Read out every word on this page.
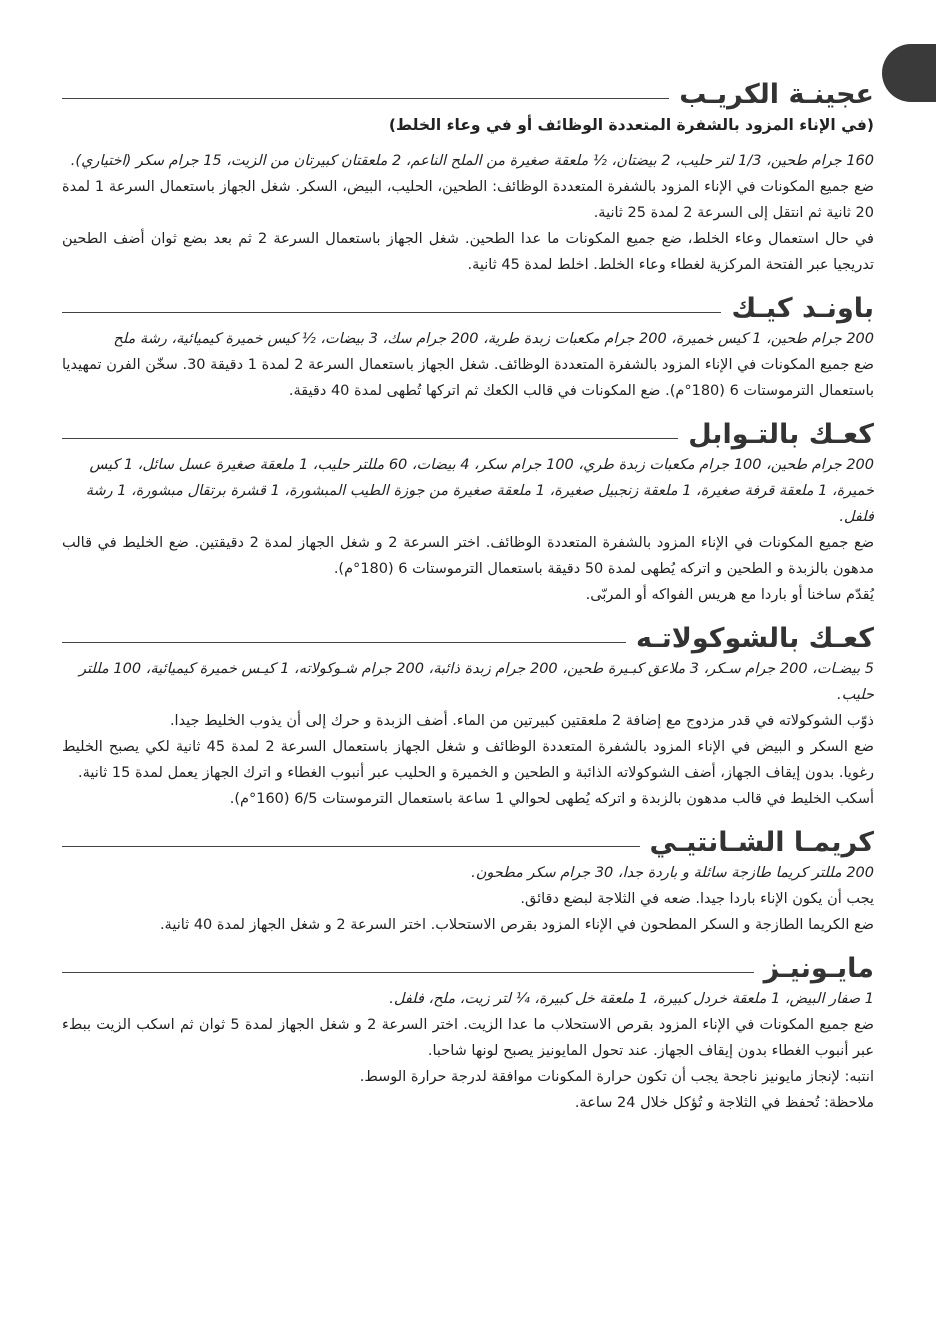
عجينـة الكريـب
(في الإناء المزود بالشفرة المتعددة الوظائف أو في وعاء الخلط)
160 جرام طحين، 1/3 لتر حليب، 2 بيضتان، ½ ملعقة صغيرة من الملح الناعم، 2 ملعقتان كبيرتان من الزيت، 15 جرام سكر (اختياري).
ضع جميع المكونات في الإناء المزود بالشفرة المتعددة الوظائف: الطحين، الحليب، البيض، السكر. شغل الجهاز باستعمال السرعة 1 لمدة 20 ثانية ثم انتقل إلى السرعة 2 لمدة 25 ثانية.
في حال استعمال وعاء الخلط، ضع جميع المكونات ما عدا الطحين. شغل الجهاز باستعمال السرعة 2 ثم بعد بضع ثوان أضف الطحين تدريجيا عبر الفتحة المركزية لغطاء وعاء الخلط. اخلط لمدة 45 ثانية.
باونـد كيـك
200 جرام طحين، 1 كيس خميرة، 200 جرام مكعبات زبدة طرية، 200 جرام سك، 3 بيضات، ½ كيس خميرة كيميائية، رشة ملح
ضع جميع المكونات في الإناء المزود بالشفرة المتعددة الوظائف. شغل الجهاز باستعمال السرعة 2 لمدة 1 دقيقة 30. سخّن الفرن تمهيديا باستعمال الترموستات 6 (180°م). ضع المكونات في قالب الكعك ثم اتركها تُطهى لمدة 40 دقيقة.
كعـك بالتـوابل
200 جرام طحين، 100 جرام مكعبات زبدة طري، 100 جرام سكر، 4 بيضات، 60 مللتر حليب، 1 ملعقة صغيرة عسل سائل، 1 كيس خميرة، 1 ملعقة قرفة صغيرة، 1 ملعقة زنجبيل صغيرة، 1 ملعقة صغيرة من جوزة الطيب المبشورة، 1 قشرة برتقال مبشورة، 1 رشة فلفل.
ضع جميع المكونات في الإناء المزود بالشفرة المتعددة الوظائف. اختر السرعة 2 و شغل الجهاز لمدة 2 دقيقتين. ضع الخليط في قالب مدهون بالزبدة و الطحين و اتركه يُطهى لمدة 50 دقيقة باستعمال الترموستات 6 (180°م).
يُقدّم ساخنا أو باردا مع هريس الفواكه أو المربّى.
كعـك بالشوكولاتـه
5 بيضـات، 200 جرام سـكر، 3 ملاعق كبـيرة طحين، 200 جرام زبدة ذائبة، 200 جرام شـوكولاته، 1 كيـس خميرة كيميائية، 100 مللتر حليب.
ذوّب الشوكولاته في قدر مزدوج مع إضافة 2 ملعقتين كبيرتين من الماء. أضف الزبدة و حرك إلى أن يذوب الخليط جيدا.
ضع السكر و البيض في الإناء المزود بالشفرة المتعددة الوظائف و شغل الجهاز باستعمال السرعة 2 لمدة 45 ثانية لكي يصبح الخليط رغويا. بدون إيقاف الجهاز، أضف الشوكولاته الذائبة و الطحين و الخميرة و الحليب عبر أنبوب الغطاء و اترك الجهاز يعمل لمدة 15 ثانية.
أسكب الخليط في قالب مدهون بالزبدة و اتركه يُطهى لحوالي 1 ساعة باستعمال الترموستات 6/5 (160°م).
كريمـا الشـانتيـي
200 مللتر كريما طازجة سائلة و باردة جدا، 30 جرام سكر مطحون.
يجب أن يكون الإناء باردا جيدا. ضعه في الثلاجة لبضع دقائق.
ضع الكريما الطازجة و السكر المطحون في الإناء المزود بقرص الاستحلاب. اختر السرعة 2 و شغل الجهاز لمدة 40 ثانية.
مايـونيـز
1 صفار البيض، 1 ملعقة خردل كبيرة، 1 ملعقة خل كبيرة، ¼ لتر زيت، ملح، فلفل.
ضع جميع المكونات في الإناء المزود بقرص الاستحلاب ما عدا الزيت. اختر السرعة 2 و شغل الجهاز لمدة 5 ثوان ثم اسكب الزيت ببطء عبر أنبوب الغطاء بدون إيقاف الجهاز. عند تحول المايونيز يصبح لونها شاحبا.
انتبه: لإنجاز مايونيز ناجحة يجب أن تكون حرارة المكونات موافقة لدرجة حرارة الوسط.
ملاحظة: تُحفظ في الثلاجة و تُؤكل خلال 24 ساعة.
